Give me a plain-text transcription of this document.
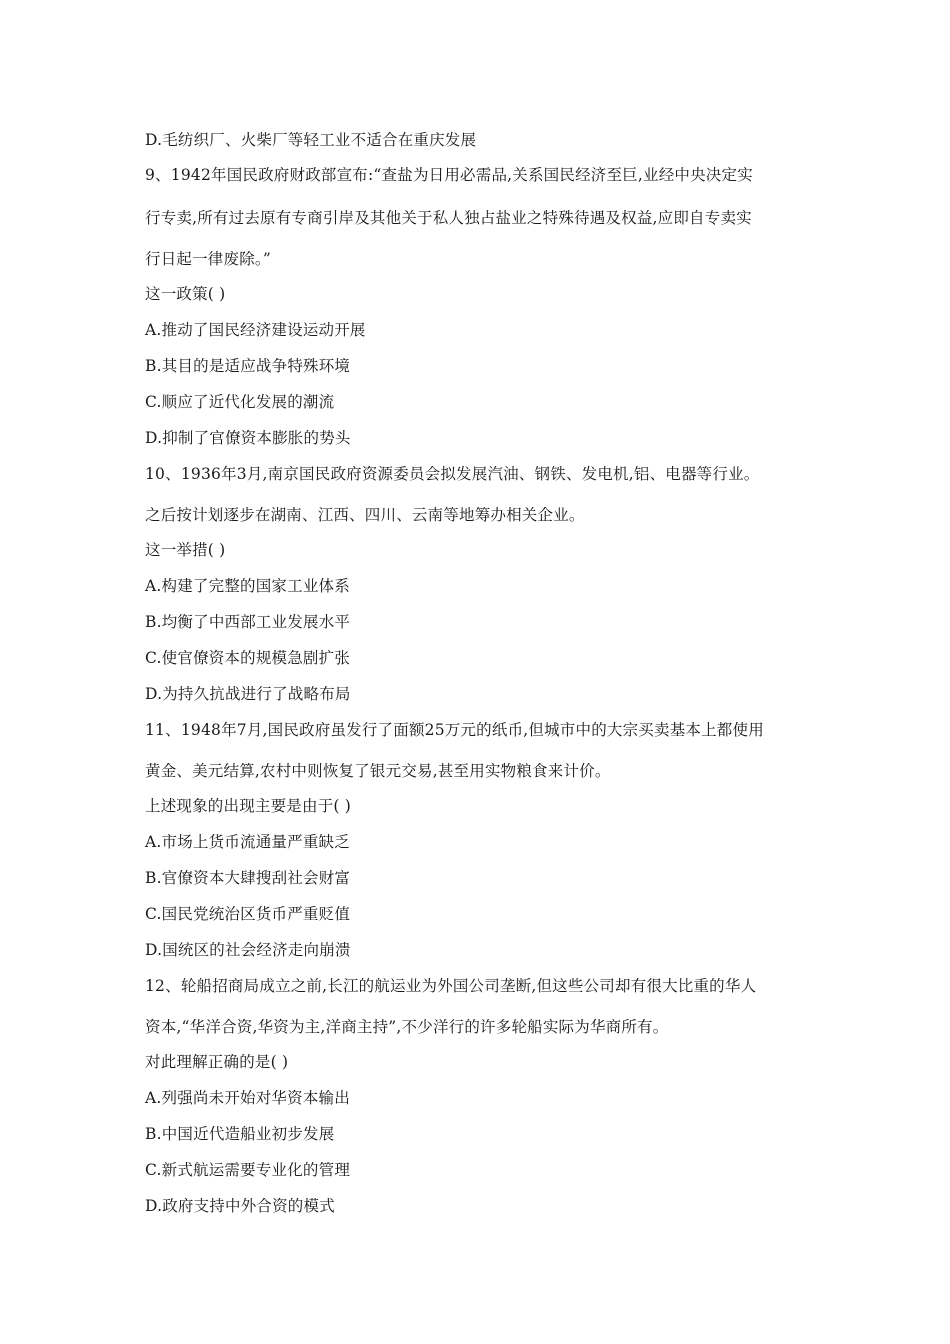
D.毛纺织厂、火柴厂等轻工业不适合在重庆发展
9、1942年国民政府财政部宣布:“查盐为日用必需品,关系国民经济至巨,业经中央决定实
行专卖,所有过去原有专商引岸及其他关于私人独占盐业之特殊待遇及权益,应即自专卖实
行日起一律废除。”
这一政策( )
A.推动了国民经济建设运动开展
B.其目的是适应战争特殊环境
C.顺应了近代化发展的潮流
D.抑制了官僚资本膨胀的势头
10、1936年3月,南京国民政府资源委员会拟发展汽油、钢铁、发电机,铝、电器等行业。
之后按计划逐步在湖南、江西、四川、云南等地筹办相关企业。
这一举措( )
A.构建了完整的国家工业体系
B.均衡了中西部工业发展水平
C.使官僚资本的规模急剧扩张
D.为持久抗战进行了战略布局
11、1948年7月,国民政府虽发行了面额25万元的纸币,但城市中的大宗买卖基本上都使用
黄金、美元结算,农村中则恢复了银元交易,甚至用实物粮食来计价。
上述现象的出现主要是由于( )
A.市场上货币流通量严重缺乏
B.官僚资本大肆搜刮社会财富
C.国民党统治区货币严重贬值
D.国统区的社会经济走向崩溃
12、轮船招商局成立之前,长江的航运业为外国公司垄断,但这些公司却有很大比重的华人
资本,“华洋合资,华资为主,洋商主持”,不少洋行的许多轮船实际为华商所有。
对此理解正确的是( )
A.列强尚未开始对华资本输出
B.中国近代造船业初步发展
C.新式航运需要专业化的管理
D.政府支持中外合资的模式
